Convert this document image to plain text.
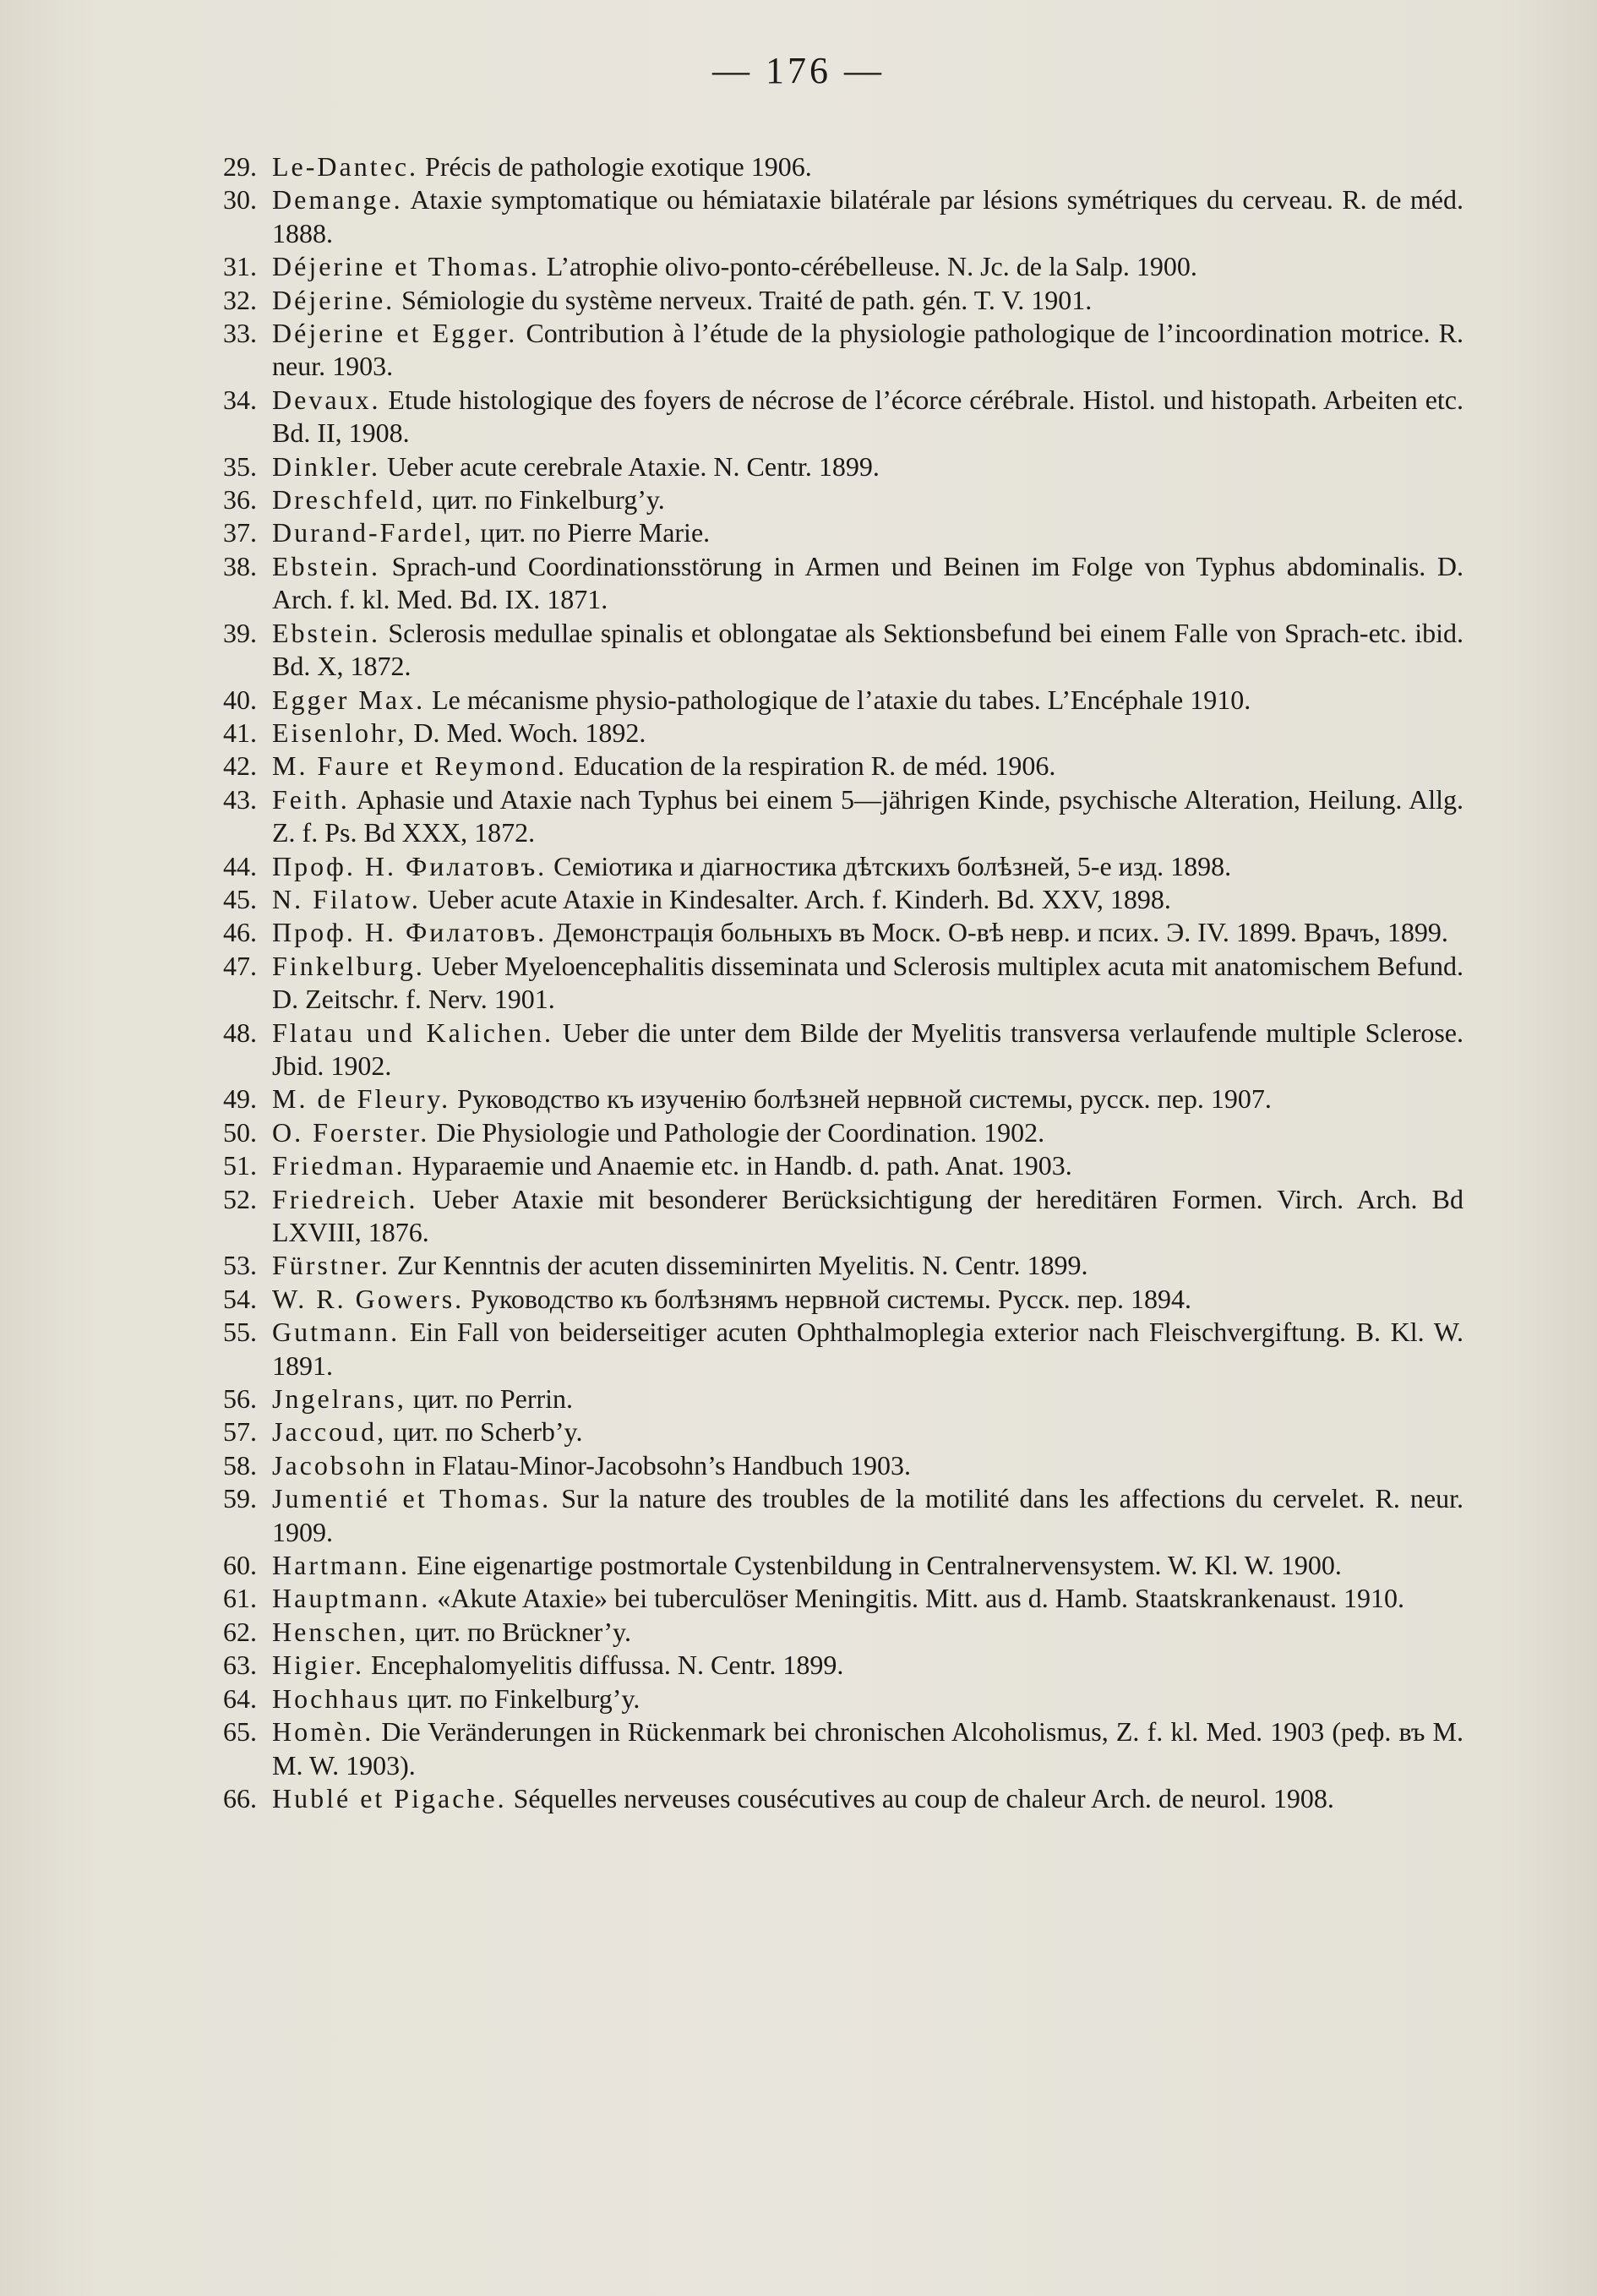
— 176 —
29. Le-Dantec. Précis de pathologie exotique 1906.
30. Demange. Ataxie symptomatique ou hémiataxie bilatérale par lésions symétriques du cerveau. R. de méd. 1888.
31. Déjerine et Thomas. L’atrophie olivo-ponto-cérébelleuse. N. Jc. de la Salp. 1900.
32. Déjerine. Sémiologie du système nerveux. Traité de path. gén. T. V. 1901.
33. Déjerine et Egger. Contribution à l’étude de la physiologie pathologique de l’incoordination motrice. R. neur. 1903.
34. Devaux. Etude histologique des foyers de nécrose de l’écorce cérébrale. Histol. und histopath. Arbeiten etc. Bd. II, 1908.
35. Dinkler. Ueber acute cerebrale Ataxie. N. Centr. 1899.
36. Dreschfeld, цит. по Finkelburg’y.
37. Durand-Fardel, цит. по Pierre Marie.
38. Ebstein. Sprach-und Coordinationsstörung in Armen und Beinen im Folge von Typhus abdominalis. D. Arch. f. kl. Med. Bd. IX. 1871.
39. Ebstein. Sclerosis medullae spinalis et oblongatae als Sektionsbefund bei einem Falle von Sprach-etc. ibid. Bd. X, 1872.
40. Egger Max. Le mécanisme physio-pathologique de l’ataxie du tabes. L’Encéphale 1910.
41. Eisenlohr, D. Med. Woch. 1892.
42. M. Faure et Reymond. Education de la respiration R. de méd. 1906.
43. Feith. Aphasie und Ataxie nach Typhus bei einem 5—jährigen Kinde, psychische Alteration, Heilung. Allg. Z. f. Ps. Bd XXX, 1872.
44. Проф. Н. Филатовъ. Семіотика и діагностика дѣтскихъ болѣзней, 5-е изд. 1898.
45. N. Filatow. Ueber acute Ataxie in Kindesalter. Arch. f. Kinderh. Bd. XXV, 1898.
46. Проф. Н. Филатовъ. Демонстрація больныхъ въ Моск. О-вѣ невр. и псих. Э. IV. 1899. Врачъ, 1899.
47. Finkelburg. Ueber Myeloencephalitis disseminata und Sclerosis multiplex acuta mit anatomischem Befund. D. Zeitschr. f. Nerv. 1901.
48. Flatau und Kalichen. Ueber die unter dem Bilde der Myelitis transversa verlaufende multiple Sclerose. Jbid. 1902.
49. M. de Fleury. Руководство къ изученію болѣзней нервной системы, русск. пер. 1907.
50. O. Foerster. Die Physiologie und Pathologie der Coordination. 1902.
51. Friedman. Hyparaemie und Anaemie etc. in Handb. d. path. Anat. 1903.
52. Friedreich. Ueber Ataxie mit besonderer Berücksichtigung der hereditären Formen. Virch. Arch. Bd LXVIII, 1876.
53. Fürstner. Zur Kenntnis der acuten disseminirten Myelitis. N. Centr. 1899.
54. W. R. Gowers. Руководство къ болѣзнямъ нервной системы. Русск. пер. 1894.
55. Gutmann. Ein Fall von beiderseitiger acuten Ophthalmoplegia exterior nach Fleischvergiftung. B. Kl. W. 1891.
56. Jngelrans, цит. по Perrin.
57. Jaccoud, цит. по Scherb’y.
58. Jacobsohn in Flatau-Minor-Jacobsohn’s Handbuch 1903.
59. Jumentié et Thomas. Sur la nature des troubles de la motilité dans les affections du cervelet. R. neur. 1909.
60. Hartmann. Eine eigenartige postmortale Cystenbildung in Centralnervensystem. W. Kl. W. 1900.
61. Hauptmann. «Akute Ataxie» bei tuberculöser Meningitis. Mitt. aus d. Hamb. Staatskrankenaust. 1910.
62. Henschen, цит. по Brückner’y.
63. Higier. Encephalomyelitis diffussa. N. Centr. 1899.
64. Hochhaus цит. по Finkelburg’y.
65. Homèn. Die Veränderungen in Rückenmark bei chronischen Alcoholismus, Z. f. kl. Med. 1903 (реф. въ M. M. W. 1903).
66. Hublé et Pigache. Séquelles nerveuses cousécutives au coup de chaleur Arch. de neurol. 1908.
